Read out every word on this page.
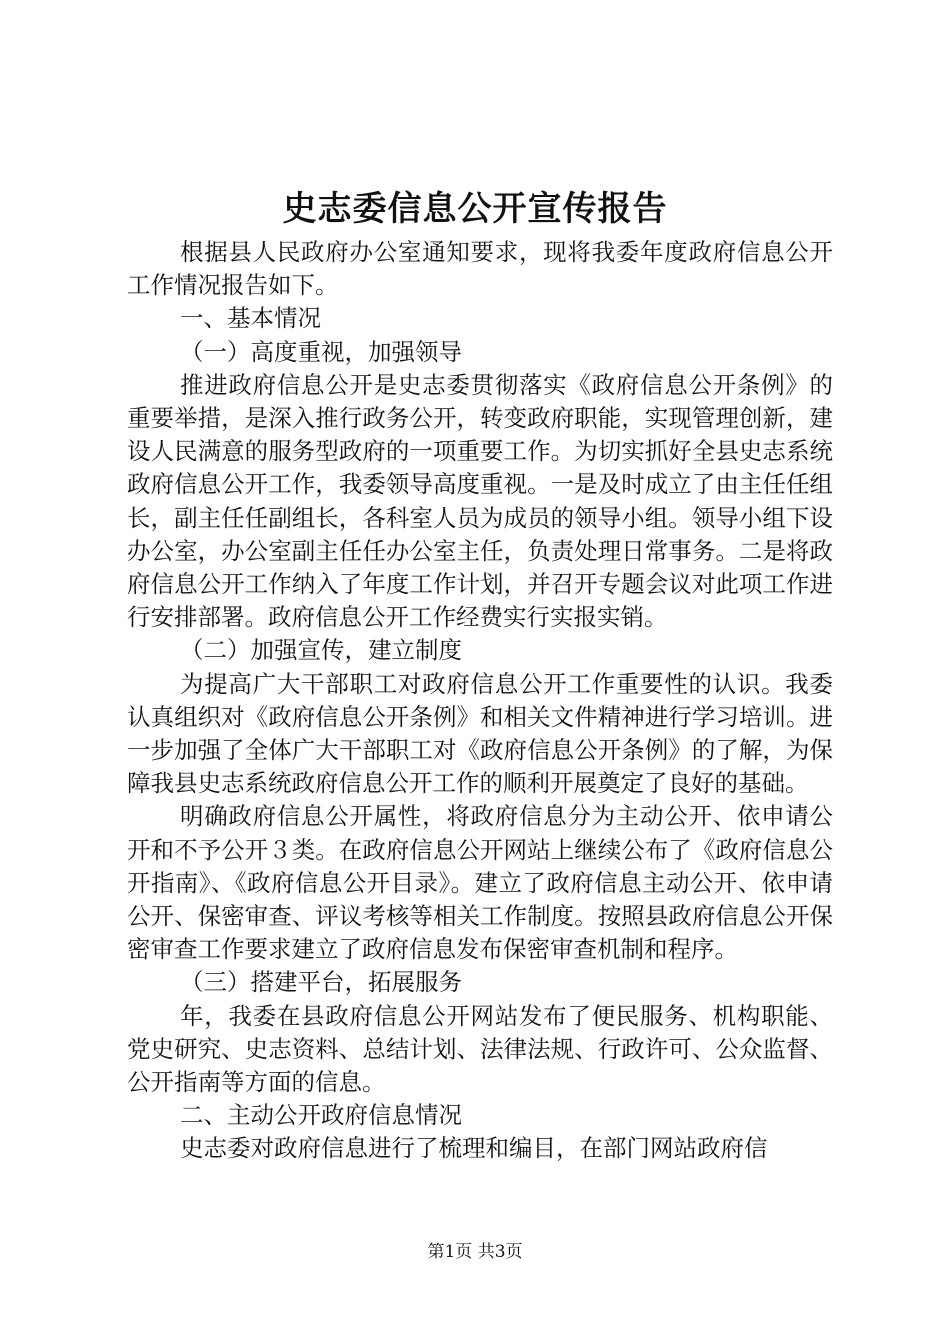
史志委信息公开宣传报告

根据县人民政府办公室通知要求，现将我委年度政府信息公开工作情况报告如下。

一、基本情况

（一）高度重视，加强领导

推进政府信息公开是史志委贯彻落实《政府信息公开条例》的重要举措，是深入推行政务公开，转变政府职能，实现管理创新，建设人民满意的服务型政府的一项重要工作。为切实抓好全县史志系统政府信息公开工作，我委领导高度重视。一是及时成立了由主任任组长，副主任任副组长，各科室人员为成员的领导小组。领导小组下设办公室，办公室副主任任办公室主任，负责处理日常事务。二是将政府信息公开工作纳入了年度工作计划，并召开专题会议对此项工作进行安排部署。政府信息公开工作经费实行实报实销。

（二）加强宣传，建立制度

为提高广大干部职工对政府信息公开工作重要性的认识。我委认真组织对《政府信息公开条例》和相关文件精神进行学习培训。进一步加强了全体广大干部职工对《政府信息公开条例》的了解，为保障我县史志系统政府信息公开工作的顺利开展奠定了良好的基础。

明确政府信息公开属性，将政府信息分为主动公开、依申请公开和不予公开３类。在政府信息公开网站上继续公布了《政府信息公开指南》、《政府信息公开目录》。建立了政府信息主动公开、依申请公开、保密审查、评议考核等相关工作制度。按照县政府信息公开保密审查工作要求建立了政府信息发布保密审查机制和程序。

（三）搭建平台，拓展服务

年，我委在县政府信息公开网站发布了便民服务、机构职能、党史研究、史志资料、总结计划、法律法规、行政许可、公众监督、公开指南等方面的信息。

二、主动公开政府信息情况

史志委对政府信息进行了梳理和编目，在部门网站政府信

第1页 共3页
